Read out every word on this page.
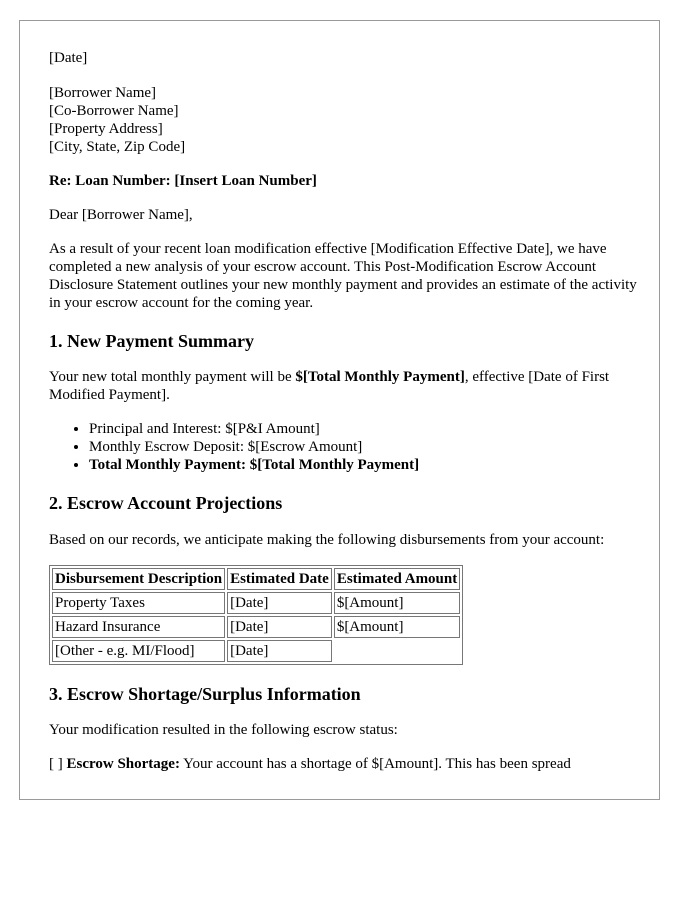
[Date]

[Borrower Name]
[Co-Borrower Name]
[Property Address]
[City, State, Zip Code]

Re: Loan Number: [Insert Loan Number]

Dear [Borrower Name],

As a result of your recent loan modification effective [Modification Effective Date], we have completed a new analysis of your escrow account. This Post-Modification Escrow Account Disclosure Statement outlines your new monthly payment and provides an estimate of the activity in your escrow account for the coming year.

1. New Payment Summary

Your new total monthly payment will be $[Total Monthly Payment], effective [Date of First Modified Payment].

• Principal and Interest: $[P&I Amount]
• Monthly Escrow Deposit: $[Escrow Amount]
• Total Monthly Payment: $[Total Monthly Payment]
2. Escrow Account Projections

Based on our records, we anticipate making the following disbursements from your account:

Disbursement Description	Estimated Date	Estimated Amount
Property Taxes	[Date]	$[Amount]
Hazard Insurance	[Date]	$[Amount]
[Other - e.g. MI/Flood]	[Date]	
3. Escrow Shortage/Surplus Information

Your modification resulted in the following escrow status:

[ ] Escrow Shortage: Your account has a shortage of $[Amount]. This has been spread
